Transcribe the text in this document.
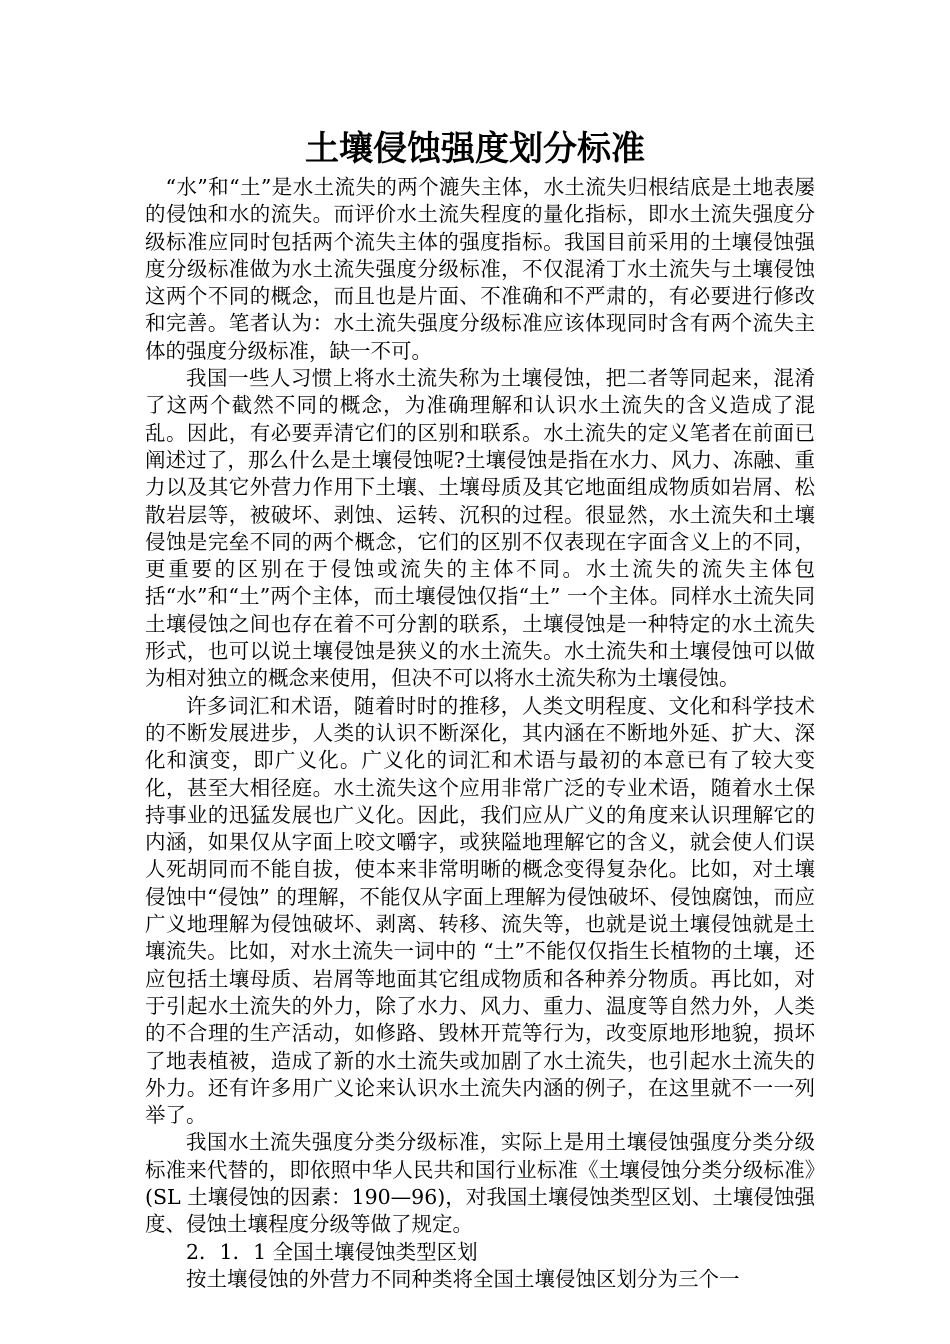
土壤侵蚀强度划分标准

“水”和“土”是水土流失的两个漉失主体，水土流失归根结底是土地表屡的侵蚀和水的流失。而评价水土流失程度的量化指标，即水土流失强度分级标准应同时包括两个流失主体的强度指标。我国目前采用的土壤侵蚀强度分级标准做为水土流失强度分级标准，不仅混淆丁水土流失与土壤侵蚀这两个不同的概念，而且也是片面、不准确和不严肃的，有必要进行修改和完善。笔者认为：水土流失强度分级标准应该体现同时含有两个流失主体的强度分级标准，缺一不可。

我国一些人习惯上将水土流失称为土壤侵蚀，把二者等同起来，混淆了这两个截然不同的概念，为准确理解和认识水土流失的含义造成了混乱。因此，有必要弄清它们的区别和联系。水土流失的定义笔者在前面已阐述过了，那么什么是土壤侵蚀呢?土壤侵蚀是指在水力、风力、冻融、重力以及其它外营力作用下土壤、土壤母质及其它地面组成物质如岩屑、松散岩层等，被破坏、剥蚀、运转、沉积的过程。很显然，水土流失和土壤侵蚀是完垒不同的两个概念，它们的区别不仅表现在字面含义上的不同，更重要的区别在于侵蚀或流失的主体不同。水土流失的流失主体包括“水”和“土”两个主体，而土壤侵蚀仅指“土” 一个主体。同样水土流失同土壤侵蚀之间也存在着不可分割的联系，土壤侵蚀是一种特定的水土流失形式，也可以说土壤侵蚀是狭义的水土流失。水土流失和土壤侵蚀可以做为相对独立的概念来使用，但决不可以将水土流失称为土壤侵蚀。

许多词汇和术语，随着时时的推移，人类文明程度、文化和科学技术的不断发展进步，人类的认识不断深化，其内涵在不断地外延、扩大、深化和演变，即广义化。广义化的词汇和术语与最初的本意已有了较大变化，甚至大相径庭。水土流失这个应用非常广泛的专业术语，随着水土保持事业的迅猛发展也广义化。因此，我们应从广义的角度来认识理解它的内涵，如果仅从字面上咬文嚼字，或狭隘地理解它的含义，就会使人们误人死胡同而不能自拔，使本来非常明晰的概念变得复杂化。比如，对土壤侵蚀中“侵蚀” 的理解，不能仅从字面上理解为侵蚀破坏、侵蚀腐蚀，而应广义地理解为侵蚀破坏、剥离、转移、流失等，也就是说土壤侵蚀就是土壤流失。比如，对水土流失一词中的 “土”不能仅仅指生长植物的土壤，还应包括土壤母质、岩屑等地面其它组成物质和各种养分物质。再比如，对于引起水土流失的外力，除了水力、风力、重力、温度等自然力外，人类的不合理的生产活动，如修路、毁林开荒等行为，改变原地形地貌，损坏了地表植被，造成了新的水土流失或加剧了水土流失，也引起水土流失的外力。还有许多用广义论来认识水土流失内涵的例子，在这里就不一一列举了。

我国水土流失强度分类分级标准，实际上是用土壤侵蚀强度分类分级标准来代替的，即依照中华人民共和国行业标准《土壤侵蚀分类分级标准》(SL 土壤侵蚀的因素：190—96)，对我国土壤侵蚀类型区划、土壤侵蚀强度、侵蚀土壤程度分级等做了规定。

2．1．1 全国土壤侵蚀类型区划

按土壤侵蚀的外营力不同种类将全国土壤侵蚀区划分为三个一
